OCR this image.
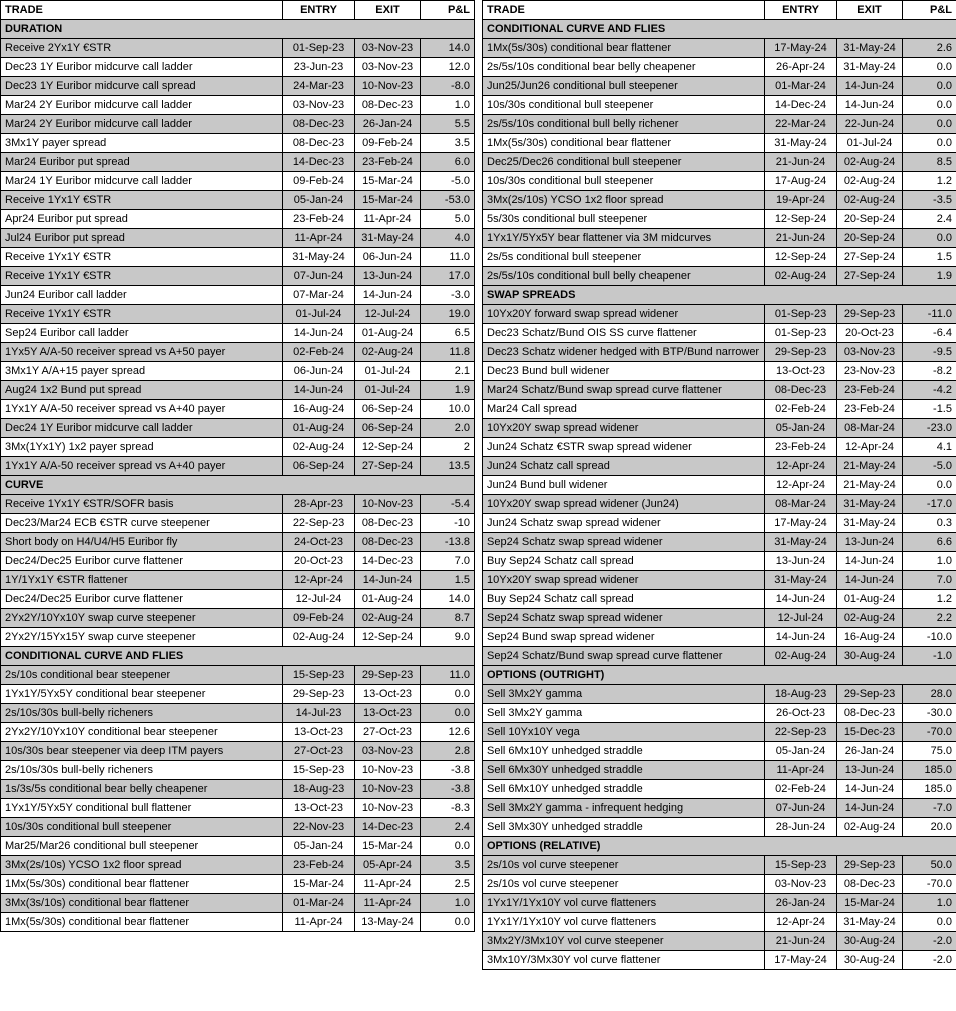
TRADE	ENTRY	EXIT	P&L
DURATION			
Receive 2Yx1Y €STR	01-Sep-23	03-Nov-23	14.0
Dec23 1Y Euribor midcurve call ladder	23-Jun-23	03-Nov-23	12.0
Dec23 1Y Euribor midcurve call spread	24-Mar-23	10-Nov-23	-8.0
Mar24 2Y Euribor midcurve call ladder	03-Nov-23	08-Dec-23	1.0
Mar24 2Y Euribor midcurve call ladder	08-Dec-23	26-Jan-24	5.5
3Mx1Y payer spread	08-Dec-23	09-Feb-24	3.5
Mar24 Euribor put spread	14-Dec-23	23-Feb-24	6.0
Mar24 1Y Euribor midcurve call ladder	09-Feb-24	15-Mar-24	-5.0
Receive 1Yx1Y €STR	05-Jan-24	15-Mar-24	-53.0
Apr24 Euribor put spread	23-Feb-24	11-Apr-24	5.0
Jul24 Euribor put spread	11-Apr-24	31-May-24	4.0
Receive 1Yx1Y €STR	31-May-24	06-Jun-24	11.0
Receive 1Yx1Y €STR	07-Jun-24	13-Jun-24	17.0
Jun24 Euribor call ladder	07-Mar-24	14-Jun-24	-3.0
Receive 1Yx1Y €STR	01-Jul-24	12-Jul-24	19.0
Sep24 Euribor call ladder	14-Jun-24	01-Aug-24	6.5
1Yx5Y A/A-50 receiver spread vs A+50 payer	02-Feb-24	02-Aug-24	11.8
3Mx1Y A/A+15 payer spread	06-Jun-24	01-Jul-24	2.1
Aug24 1x2 Bund put spread	14-Jun-24	01-Jul-24	1.9
1Yx1Y A/A-50 receiver spread vs A+40 payer	16-Aug-24	06-Sep-24	10.0
Dec24 1Y Euribor midcurve call ladder	01-Aug-24	06-Sep-24	2.0
3Mx(1Yx1Y) 1x2 payer spread	02-Aug-24	12-Sep-24	2
1Yx1Y A/A-50 receiver spread vs A+40 payer	06-Sep-24	27-Sep-24	13.5
CURVE			
Receive 1Yx1Y €STR/SOFR basis	28-Apr-23	10-Nov-23	-5.4
Dec23/Mar24 ECB €STR curve steepener	22-Sep-23	08-Dec-23	-10
Short body on H4/U4/H5 Euribor fly	24-Oct-23	08-Dec-23	-13.8
Dec24/Dec25 Euribor curve flattener	20-Oct-23	14-Dec-23	7.0
1Y/1Yx1Y €STR flattener	12-Apr-24	14-Jun-24	1.5
Dec24/Dec25 Euribor curve flattener	12-Jul-24	01-Aug-24	14.0
2Yx2Y/10Yx10Y swap curve steepener	09-Feb-24	02-Aug-24	8.7
2Yx2Y/15Yx15Y swap curve steepener	02-Aug-24	12-Sep-24	9.0
CONDITIONAL CURVE AND FLIES			
2s/10s conditional bear steepener	15-Sep-23	29-Sep-23	11.0
1Yx1Y/5Yx5Y conditional bear steepener	29-Sep-23	13-Oct-23	0.0
2s/10s/30s bull-belly richeners	14-Jul-23	13-Oct-23	0.0
2Yx2Y/10Yx10Y conditional bear steepener	13-Oct-23	27-Oct-23	12.6
10s/30s bear steepener via deep ITM payers	27-Oct-23	03-Nov-23	2.8
2s/10s/30s bull-belly richeners	15-Sep-23	10-Nov-23	-3.8
1s/3s/5s conditional bear belly cheapener	18-Aug-23	10-Nov-23	-3.8
1Yx1Y/5Yx5Y conditional bull flattener	13-Oct-23	10-Nov-23	-8.3
10s/30s conditional bull steepener	22-Nov-23	14-Dec-23	2.4
Mar25/Mar26 conditional bull steepener	05-Jan-24	15-Mar-24	0.0
3Mx(2s/10s) YCSO 1x2 floor spread	23-Feb-24	05-Apr-24	3.5
1Mx(5s/30s) conditional bear flattener	15-Mar-24	11-Apr-24	2.5
3Mx(3s/10s) conditional bear flattener	01-Mar-24	11-Apr-24	1.0
1Mx(5s/30s) conditional bear flattener	11-Apr-24	13-May-24	0.0
TRADE	ENTRY	EXIT	P&L
CONDITIONAL CURVE AND FLIES			
1Mx(5s/30s) conditional bear flattener	17-May-24	31-May-24	2.6
2s/5s/10s conditional bear belly cheapener	26-Apr-24	31-May-24	0.0
Jun25/Jun26 conditional bull steepener	01-Mar-24	14-Jun-24	0.0
10s/30s conditional bull steepener	14-Dec-24	14-Jun-24	0.0
2s/5s/10s conditional bull belly richener	22-Mar-24	22-Jun-24	0.0
1Mx(5s/30s) conditional bear flattener	31-May-24	01-Jul-24	0.0
Dec25/Dec26 conditional bull steepener	21-Jun-24	02-Aug-24	8.5
10s/30s conditional bull steepener	17-Aug-24	02-Aug-24	1.2
3Mx(2s/10s) YCSO 1x2 floor spread	19-Apr-24	02-Aug-24	-3.5
5s/30s conditional bull steepener	12-Sep-24	20-Sep-24	2.4
1Yx1Y/5Yx5Y bear flattener via 3M midcurves	21-Jun-24	20-Sep-24	0.0
2s/5s conditional bull steepener	12-Sep-24	27-Sep-24	1.5
2s/5s/10s conditional bull belly cheapener	02-Aug-24	27-Sep-24	1.9
SWAP SPREADS			
10Yx20Y forward swap spread widener	01-Sep-23	29-Sep-23	-11.0
Dec23 Schatz/Bund OIS SS curve flattener	01-Sep-23	20-Oct-23	-6.4
Dec23 Schatz widener hedged with BTP/Bund narrower	29-Sep-23	03-Nov-23	-9.5
Dec23 Bund bull widener	13-Oct-23	23-Nov-23	-8.2
Mar24 Schatz/Bund swap spread curve flattener	08-Dec-23	23-Feb-24	-4.2
Mar24 Call spread	02-Feb-24	23-Feb-24	-1.5
10Yx20Y swap spread widener	05-Jan-24	08-Mar-24	-23.0
Jun24 Schatz €STR swap spread widener	23-Feb-24	12-Apr-24	4.1
Jun24 Schatz call spread	12-Apr-24	21-May-24	-5.0
Jun24 Bund bull widener	12-Apr-24	21-May-24	0.0
10Yx20Y swap spread widener (Jun24)	08-Mar-24	31-May-24	-17.0
Jun24 Schatz swap spread widener	17-May-24	31-May-24	0.3
Sep24 Schatz swap spread widener	31-May-24	13-Jun-24	6.6
Buy Sep24 Schatz call spread	13-Jun-24	14-Jun-24	1.0
10Yx20Y swap spread widener	31-May-24	14-Jun-24	7.0
Buy Sep24 Schatz call spread	14-Jun-24	01-Aug-24	1.2
Sep24 Schatz swap spread widener	12-Jul-24	02-Aug-24	2.2
Sep24 Bund swap spread widener	14-Jun-24	16-Aug-24	-10.0
Sep24 Schatz/Bund swap spread curve flattener	02-Aug-24	30-Aug-24	-1.0
OPTIONS (OUTRIGHT)			
Sell 3Mx2Y gamma	18-Aug-23	29-Sep-23	28.0
Sell 3Mx2Y gamma	26-Oct-23	08-Dec-23	-30.0
Sell 10Yx10Y vega	22-Sep-23	15-Dec-23	-70.0
Sell 6Mx10Y unhedged straddle	05-Jan-24	26-Jan-24	75.0
Sell 6Mx30Y unhedged straddle	11-Apr-24	13-Jun-24	185.0
Sell 6Mx10Y unhedged straddle	02-Feb-24	14-Jun-24	185.0
Sell 3Mx2Y gamma - infrequent hedging	07-Jun-24	14-Jun-24	-7.0
Sell 3Mx30Y unhedged straddle	28-Jun-24	02-Aug-24	20.0
OPTIONS (RELATIVE)			
2s/10s vol curve steepener	15-Sep-23	29-Sep-23	50.0
2s/10s vol curve steepener	03-Nov-23	08-Dec-23	-70.0
1Yx1Y/1Yx10Y vol curve flatteners	26-Jan-24	15-Mar-24	1.0
1Yx1Y/1Yx10Y vol curve flatteners	12-Apr-24	31-May-24	0.0
3Mx2Y/3Mx10Y vol curve steepener	21-Jun-24	30-Aug-24	-2.0
3Mx10Y/3Mx30Y vol curve flattener	17-May-24	30-Aug-24	-2.0
